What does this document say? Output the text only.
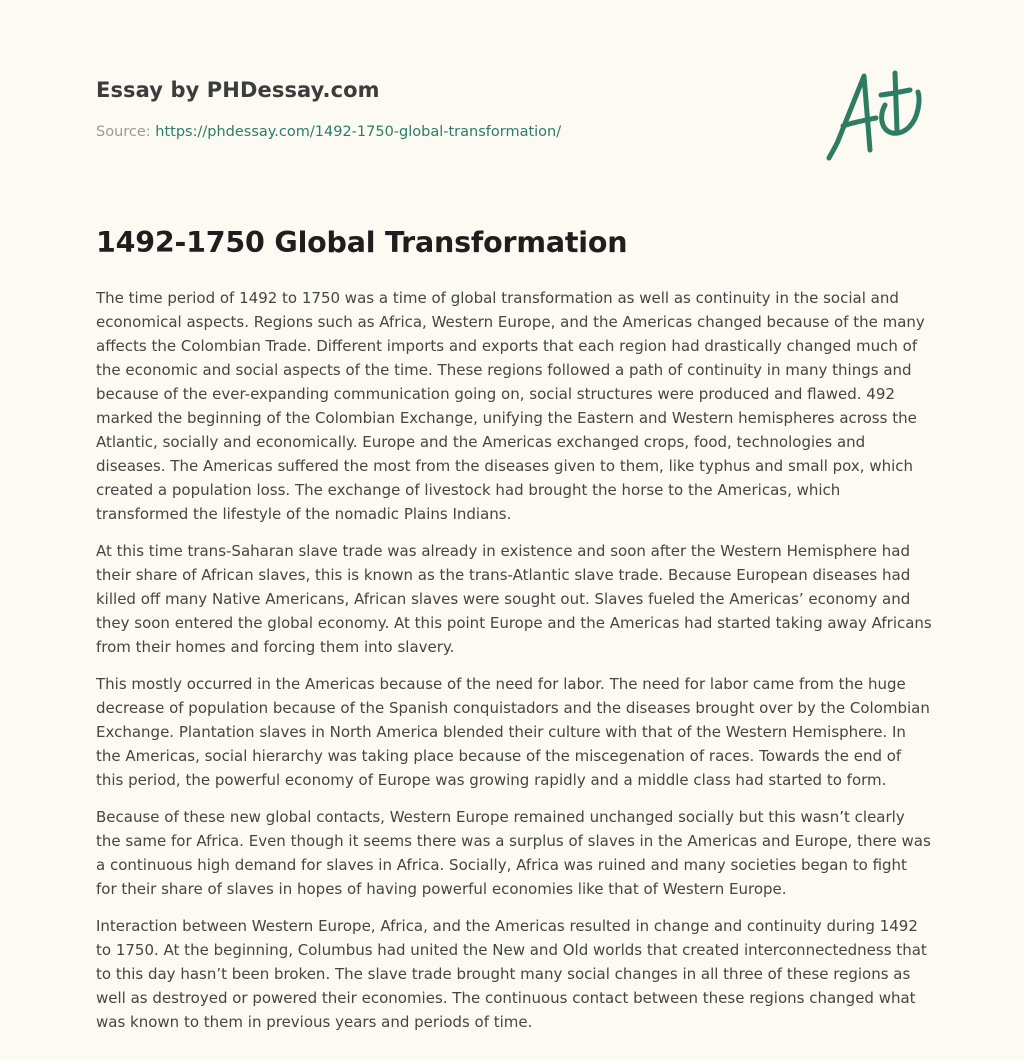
Essay by PHDessay.com
Source: https://phdessay.com/1492-1750-global-transformation/
1492-1750 Global Transformation

The time period of 1492 to 1750 was a time of global transformation as well as continuity in the social and economical aspects. Regions such as Africa, Western Europe, and the Americas changed because of the many affects the Colombian Trade. Different imports and exports that each region had drastically changed much of the economic and social aspects of the time. These regions followed a path of continuity in many things and because of the ever-expanding communication going on, social structures were produced and flawed. 492 marked the beginning of the Colombian Exchange, unifying the Eastern and Western hemispheres across the Atlantic, socially and economically. Europe and the Americas exchanged crops, food, technologies and diseases. The Americas suffered the most from the diseases given to them, like typhus and small pox, which created a population loss. The exchange of livestock had brought the horse to the Americas, which transformed the lifestyle of the nomadic Plains Indians.

At this time trans-Saharan slave trade was already in existence and soon after the Western Hemisphere had their share of African slaves, this is known as the trans-Atlantic slave trade. Because European diseases had killed off many Native Americans, African slaves were sought out. Slaves fueled the Americas’ economy and they soon entered the global economy. At this point Europe and the Americas had started taking away Africans from their homes and forcing them into slavery.

This mostly occurred in the Americas because of the need for labor. The need for labor came from the huge decrease of population because of the Spanish conquistadors and the diseases brought over by the Colombian Exchange. Plantation slaves in North America blended their culture with that of the Western Hemisphere. In the Americas, social hierarchy was taking place because of the miscegenation of races. Towards the end of this period, the powerful economy of Europe was growing rapidly and a middle class had started to form.

Because of these new global contacts, Western Europe remained unchanged socially but this wasn’t clearly the same for Africa. Even though it seems there was a surplus of slaves in the Americas and Europe, there was a continuous high demand for slaves in Africa. Socially, Africa was ruined and many societies began to fight for their share of slaves in hopes of having powerful economies like that of Western Europe.

Interaction between Western Europe, Africa, and the Americas resulted in change and continuity during 1492 to 1750. At the beginning, Columbus had united the New and Old worlds that created interconnectedness that to this day hasn’t been broken. The slave trade brought many social changes in all three of these regions as well as destroyed or powered their economies. The continuous contact between these regions changed what was known to them in previous years and periods of time.
